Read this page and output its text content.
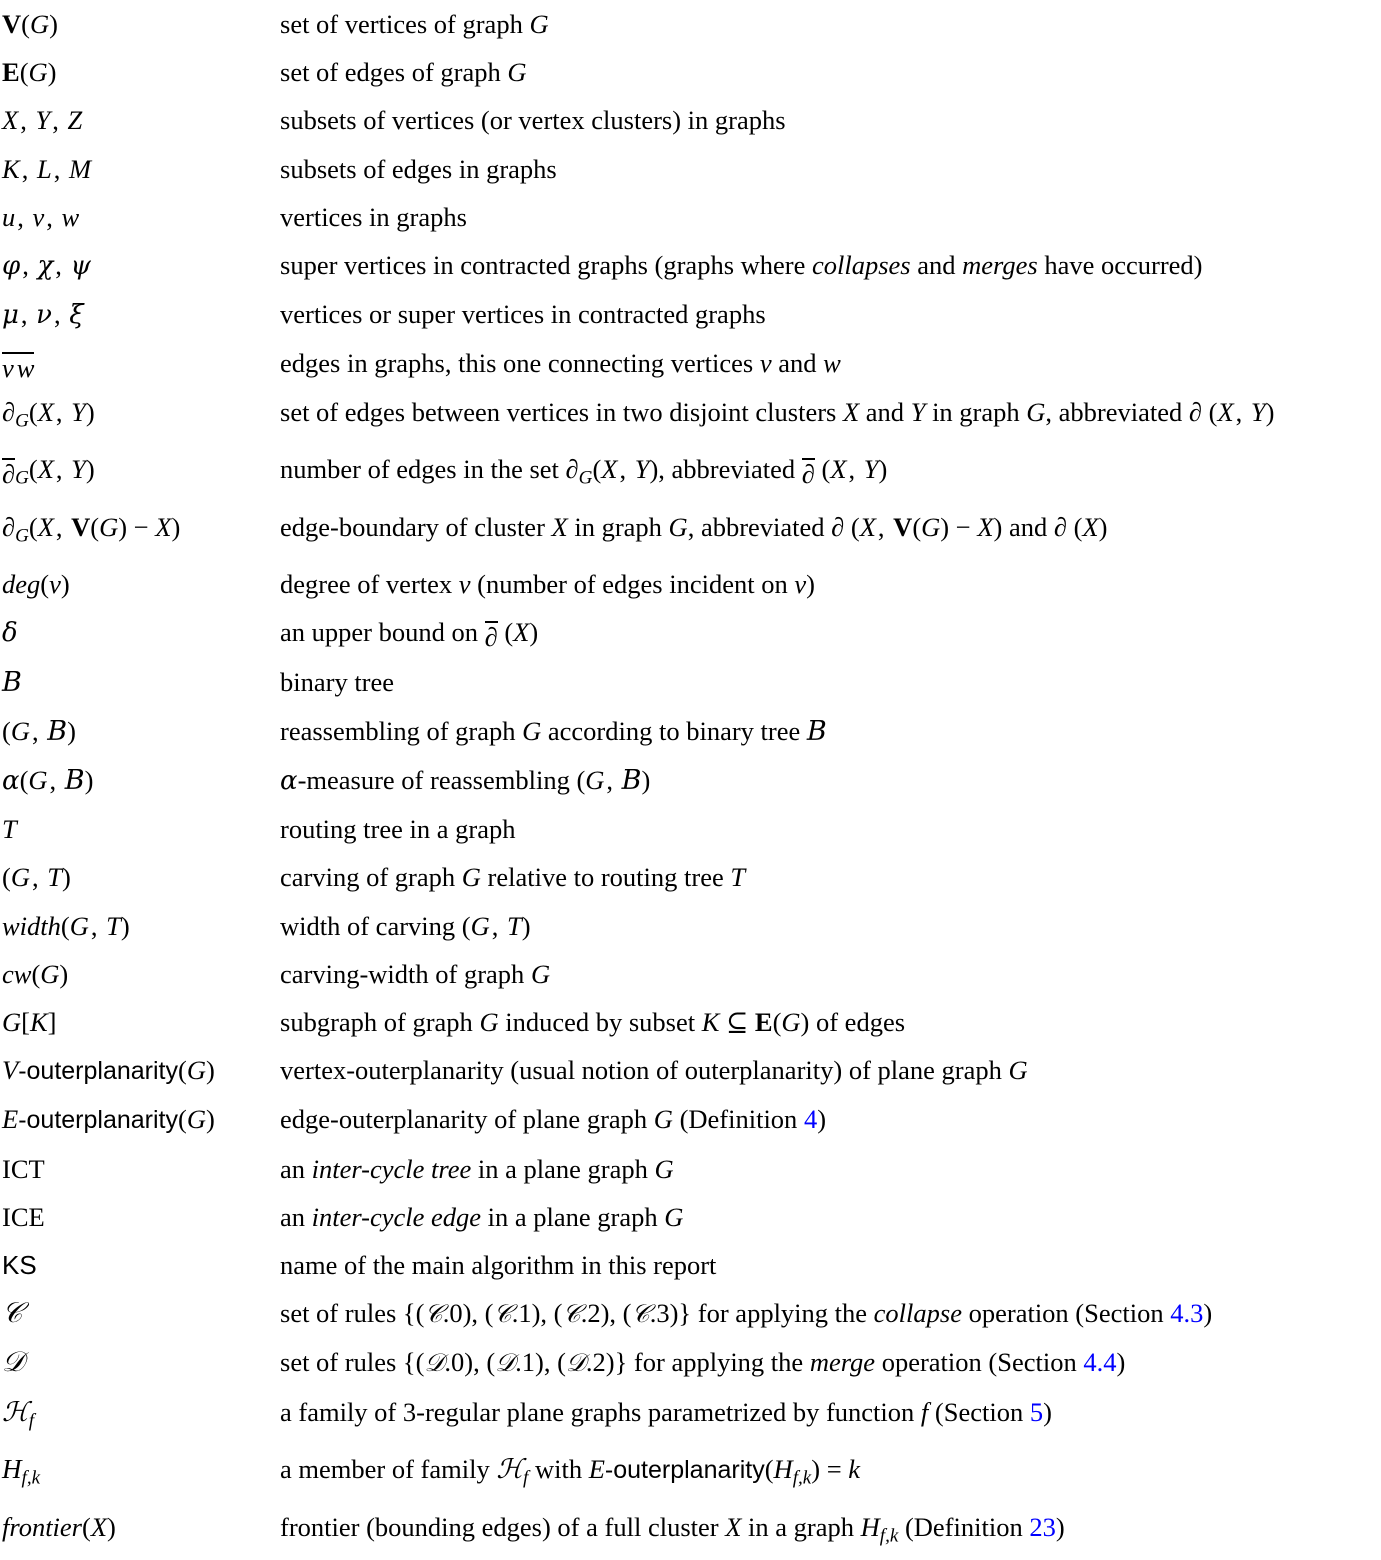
V(G)	set of vertices of graph G
E(G)	set of edges of graph G
X, Y, Z	subsets of vertices (or vertex clusters) in graphs
K, L, M	subsets of edges in graphs
u, v, w	vertices in graphs
φ, χ, ψ	super vertices in contracted graphs (graphs where collapses and merges have occurred)
μ, ν, ξ	vertices or super vertices in contracted graphs
v w	edges in graphs, this one connecting vertices v and w
$\partial_G(X$, Y)	set of edges between vertices in two disjoint clusters X and Y in graph G, abbreviated ∂ (X, Y)
$\partial_G(X$, Y)	number of edges in the set $\partial_G(X$, Y), abbreviated ∂ (X, Y)
$\partial_G(X$, V(G) − X)	edge-boundary of cluster X in graph G, abbreviated ∂ (X, V(G) − X) and ∂ (X)
deg(v)	degree of vertex v (number of edges incident on v)
δ	an upper bound on ∂ (X)
𝐵	binary tree
(G, 𝐵)	reassembling of graph G according to binary tree 𝐵
α(G, 𝐵)	α-measure of reassembling (G, 𝐵)
T	routing tree in a graph
(G, T)	carving of graph G relative to routing tree T
width(G, T)	width of carving (G, T)
cw(G)	carving-width of graph G
G[K]	subgraph of graph G induced by subset K ⊆ E(G) of edges
V-outerplanarity(G)	vertex-outerplanarity (usual notion of outerplanarity) of plane graph G
E-outerplanarity(G)	edge-outerplanarity of plane graph G (Definition 4)
ICT	an inter-cycle tree in a plane graph G
ICE	an inter-cycle edge in a plane graph G
KS	name of the main algorithm in this report
𝒞	set of rules {(𝒞.0), (𝒞.1), (𝒞.2), (𝒞.3)} for applying the collapse operation (Section 4.3)
𝒟	set of rules {(𝒟.0), (𝒟.1), (𝒟.2)} for applying the merge operation (Section 4.4)
ℋ$_f$	a family of 3-regular plane graphs parametrized by function f (Section 5)
$H_{f,k}$	a member of family ℋ$_f$ with $E-outerplanarity(H_{f,k}) = k$
frontier(X)	frontier (bounding edges) of a full cluster X in a graph $H_{f,k}$ (Definition 23)
